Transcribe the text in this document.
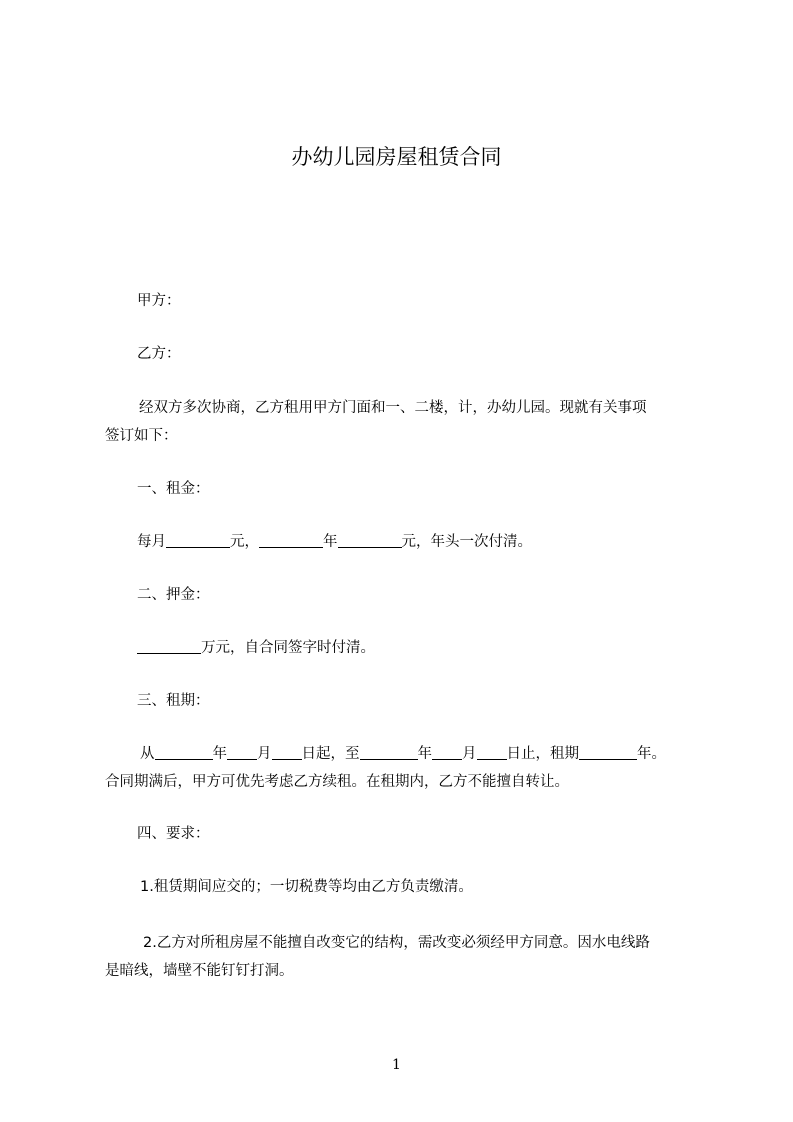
办幼儿园房屋租赁合同
甲方：
乙方：
经双方多次协商，乙方租用甲方门面和一、二楼，计，办幼儿园。现就有关事项
签订如下：
一、租金：
每月	元，	年	元，年头一次付清。
二、押金：
万元，自合同签字时付清。
三、租期：
从	年 月 日起，至	年 月 日止，租期	年。
合同期满后，甲方可优先考虑乙方续租。在租期内，乙方不能擅自转让。
四、要求：
1.租赁期间应交的；一切税费等均由乙方负责缴清。
2.乙方对所租房屋不能擅自改变它的结构，需改变必须经甲方同意。因水电线路
是暗线，墙壁不能钉钉打洞。
1
